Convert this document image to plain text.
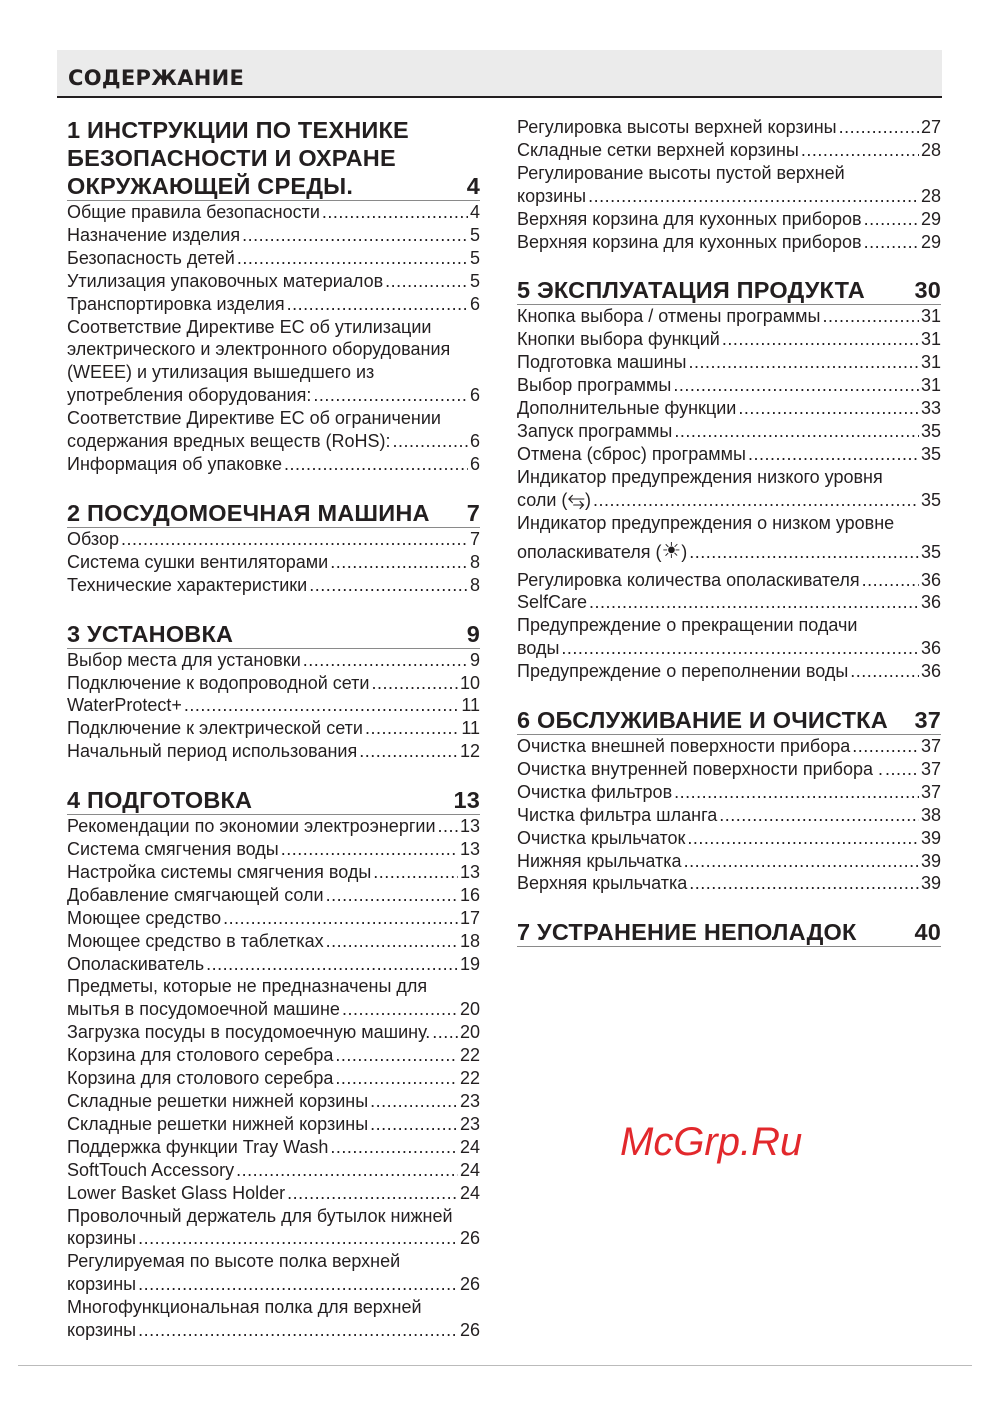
СОДЕРЖАНИЕ
1 ИНСТРУКЦИИ ПО ТЕХНИКЕ БЕЗОПАСНОСТИ И ОХРАНЕ ОКРУЖАЮЩЕЙ СРЕДЫ.	4
Общие правила безопасности .....	4
Назначение изделия .....	5
Безопасность детей .....	5
Утилизация упаковочных материалов .....	5
Транспортировка изделия .....	6
Соответствие Директиве ЕС об утилизации электрического и электронного оборудования (WEEE) и утилизация вышедшего из
употребления оборудования: .....	6
Соответствие Директиве ЕС об ограничении
содержания вредных веществ (RoHS): .....	6
Информация об упаковке .....	6
2 ПОСУДОМОЕЧНАЯ МАШИНА	7
Обзор .....	7
Система сушки вентиляторами .....	8
Технические характеристики .....	8
3 УСТАНОВКА	9
Выбор места для установки .....	9
Подключение к водопроводной сети .....	10
WaterProtect+ .....	11
Подключение к электрической сети .....	11
Начальный период использования .....	12
4 ПОДГОТОВКА	13
Рекомендации по экономии электроэнергии ..... 13
Система смягчения воды .....	13
Настройка системы смягчения воды .....	13
Добавление смягчающей соли .....	16
Моющее средство .....	17
Моющее средство в таблетках .....	18
Ополаскиватель .....	19
Предметы, которые не предназначены для
мытья в посудомоечной машине .....	20
Загрузка посуды в посудомоечную машину. ..... 20
Корзина для столового серебра .....	22
Корзина для столового серебра .....	22
Складные решетки нижней корзины .....	23
Складные решетки нижней корзины .....	23
Поддержка функции Tray Wash .....	24
SoftTouch Accessory .....	24
Lower Basket Glass Holder .....	24
Проволочный держатель для бутылок нижней
корзины .....	26
Регулируемая по высоте полка верхней
корзины .....	26
Многофункциональная полка для верхней
корзины .....	26
Регулировка высоты верхней корзины .....	27
Складные сетки верхней корзины .....	28
Регулирование высоты пустой верхней
корзины .....	28
Верхняя корзина для кухонных приборов .....	29
Верхняя корзина для кухонных приборов .....	29
5 ЭКСПЛУАТАЦИЯ ПРОДУКТА	30
Кнопка выбора / отмены программы .....	31
Кнопки выбора функций .....	31
Подготовка машины .....	31
Выбор программы .....	31
Дополнительные функции .....	33
Запуск программы .....	35
Отмена (сброс) программы .....	35
Индикатор предупреждения низкого уровня
соли ( ⥃ ) .....	35
Индикатор предупреждения о низком уровне
ополаскивателя ( ☀ ) .....	35
Регулировка количества ополаскивателя .....	36
SelfCare .....	36
Предупреждение о прекращении подачи
воды .....	36
Предупреждение о переполнении воды .....	36
6 ОБСЛУЖИВАНИЕ И ОЧИСТКА	37
Очистка внешней поверхности прибора .....	37
Очистка внутренней поверхности прибора . ..... 37
Очистка фильтров .....	37
Чистка фильтра шланга .....	38
Очистка крыльчаток .....	39
Нижняя крыльчатка .....	39
Верхняя крыльчатка .....	39
7 УСТРАНЕНИЕ НЕПОЛАДОК	40
McGrp.Ru
